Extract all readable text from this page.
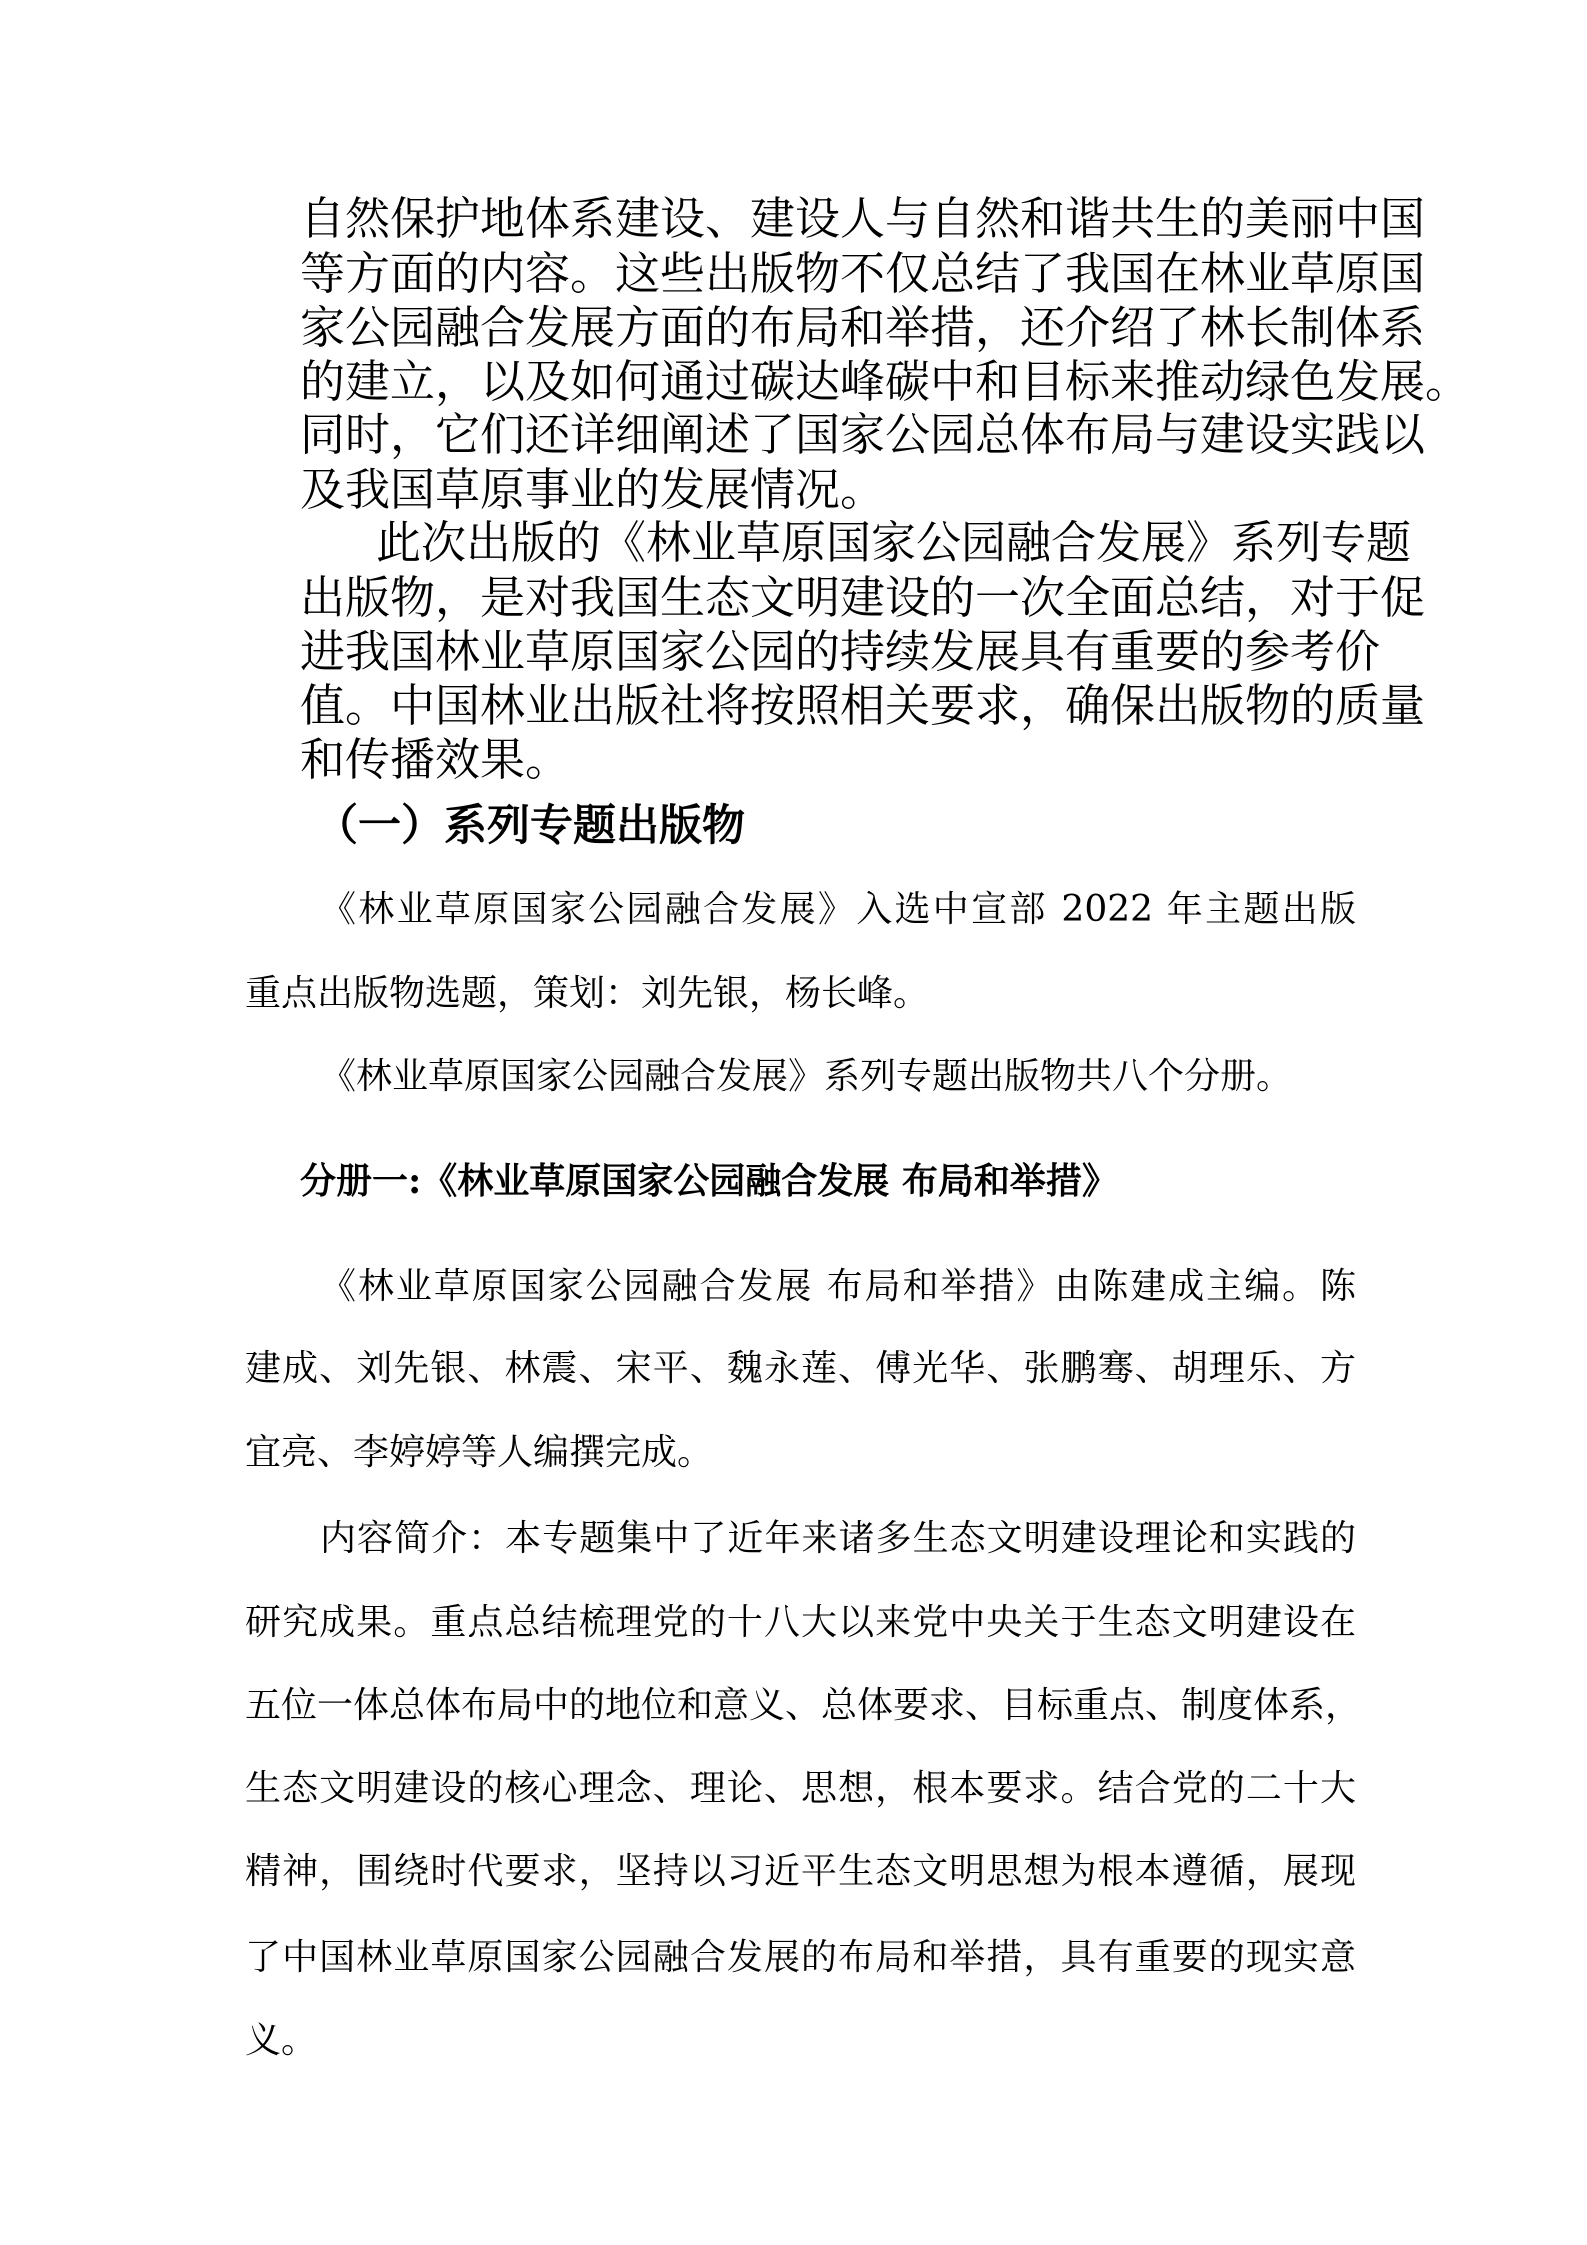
自然保护地体系建设、建设人与自然和谐共生的美丽中国
等方面的内容。这些出版物不仅总结了我国在林业草原国
家公园融合发展方面的布局和举措，还介绍了林长制体系
的建立，以及如何通过碳达峰碳中和目标来推动绿色发展。
同时，它们还详细阐述了国家公园总体布局与建设实践以
及我国草原事业的发展情况。
此次出版的《林业草原国家公园融合发展》系列专题
出版物，是对我国生态文明建设的一次全面总结，对于促
进我国林业草原国家公园的持续发展具有重要的参考价
值。中国林业出版社将按照相关要求，确保出版物的质量
和传播效果。
（一）系列专题出版物
《林业草原国家公园融合发展》入选中宣部 2022 年主题出版
重点出版物选题，策划：刘先银，杨长峰。
《林业草原国家公园融合发展》系列专题出版物共八个分册。
分册一:《林业草原国家公园融合发展 布局和举措》
《林业草原国家公园融合发展 布局和举措》由陈建成主编。陈
建成、刘先银、林震、宋平、魏永莲、傅光华、张鹏骞、胡理乐、方
宜亮、李婷婷等人编撰完成。
内容简介：本专题集中了近年来诸多生态文明建设理论和实践的
研究成果。重点总结梳理党的十八大以来党中央关于生态文明建设在
五位一体总体布局中的地位和意义、总体要求、目标重点、制度体系，
生态文明建设的核心理念、理论、思想，根本要求。结合党的二十大
精神，围绕时代要求，坚持以习近平生态文明思想为根本遵循，展现
了中国林业草原国家公园融合发展的布局和举措，具有重要的现实意
义。
